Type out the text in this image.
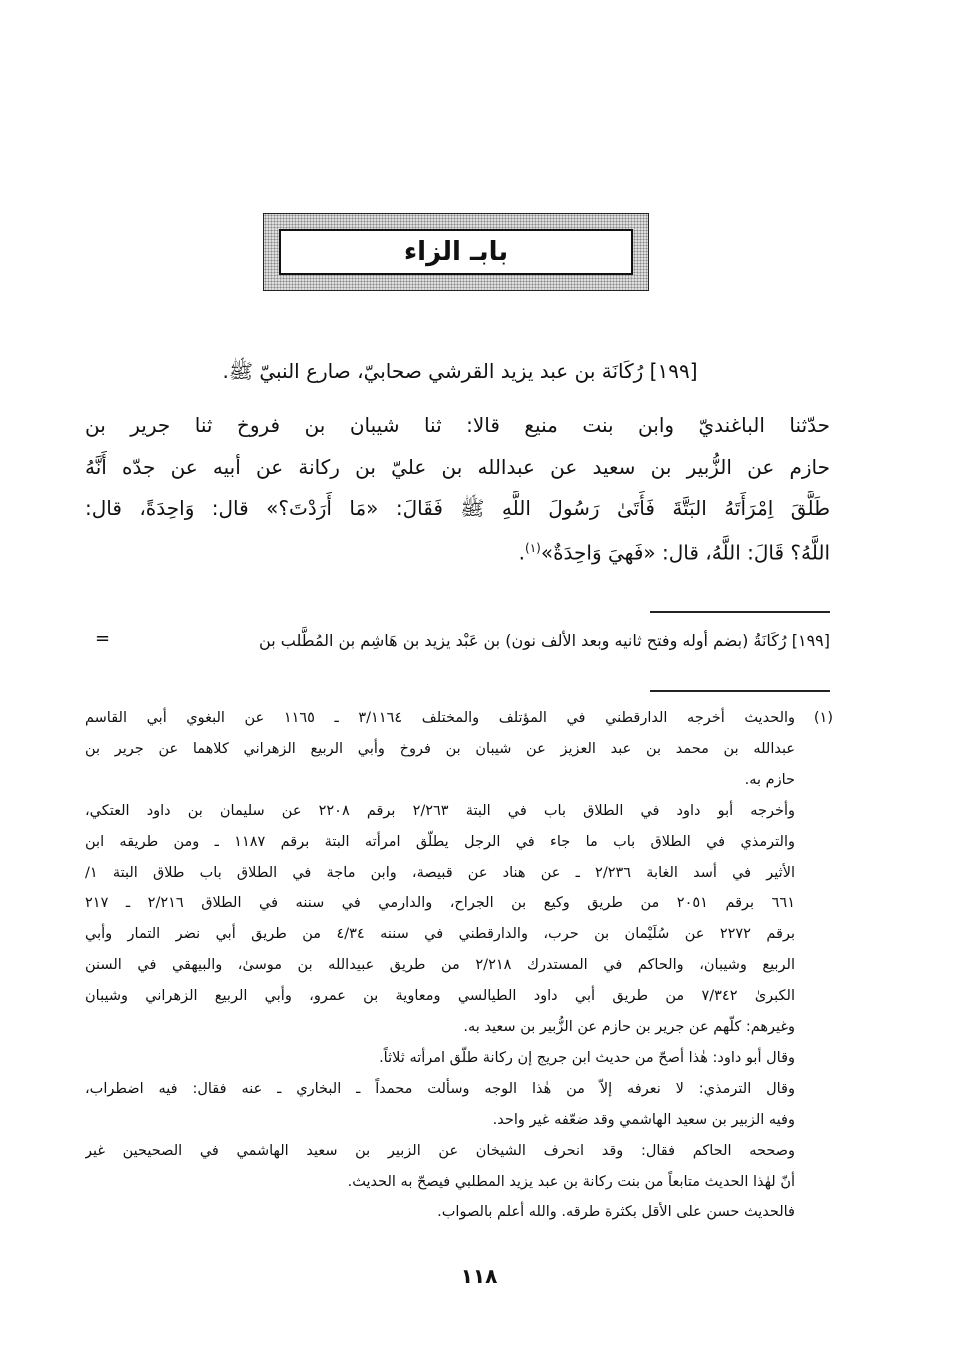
بابـ الزاء
[١٩٩] رُكَانَة بن عبد يزيد القرشي صحابيّ، صارع النبيّ ﷺ.
حدّثنا الباغنديّ وابن بنت منيع قالا: ثنا شيبان بن فروخ ثنا جرير بن
حازم عن الزُّبير بن سعيد عن عبدالله بن عليّ بن ركانة عن أبيه عن جدّه أَنَّهُ
طَلَّقَ اِمْرَأَتَهُ البَتَّةَ فَأَتَىٰ رَسُولَ اللَّهِ ﷺ فَقَالَ: «مَا أَرَدْتَ؟» قال: وَاحِدَةً، قال:
اللَّهُ؟ قَالَ: اللَّهُ، قال: «فَهِيَ وَاحِدَةٌ»$^{(١)}$.
[١٩٩] رُكَانَةُ (بضم أوله وفتح ثانيه وبعد الألف نون) بن عَبْد يزيد بن هَاشِم بن المُطَّلب بن
=
(١)
والحديث أخرجه الدارقطني في المؤتلف والمختلف ٣/١١٦٤ ـ ١١٦٥ عن البغوي أبي القاسم
عبدالله بن محمد بن عبد العزيز عن شيبان بن فروخ وأبي الربيع الزهراني كلاهما عن جرير بن
حازم به.
وأخرجه أبو داود في الطلاق باب في البتة ٢/٢٦٣ برقم ٢٢٠٨ عن سليمان بن داود العتكي،
والترمذي في الطلاق باب ما جاء في الرجل يطلّق امرأته البتة برقم ١١٨٧ ـ ومن طريقه ابن
الأثير في أسد الغابة ٢/٢٣٦ ـ عن هناد عن قبيصة، وابن ماجة في الطلاق باب طلاق البتة ١/
٦٦١ برقم ٢٠٥١ من طريق وكيع بن الجراح، والدارمي في سننه في الطلاق ٢/٢١٦ ـ ٢١٧
برقم ٢٢٧٢ عن سُلَيْمان بن حرب، والدارقطني في سننه ٤/٣٤ من طريق أبي نضر التمار وأبي
الربيع وشيبان، والحاكم في المستدرك ٢/٢١٨ من طريق عبيدالله بن موسىٰ، والبيهقي في السنن
الكبرىٰ ٧/٣٤٢ من طريق أبي داود الطيالسي ومعاوية بن عمرو، وأبي الربيع الزهراني وشيبان
وغيرهم: كلّهم عن جرير بن حازم عن الزُّبير بن سعيد به.
وقال أبو داود: هٰذا أصحّ من حديث ابن جريج إن ركانة طلّق امرأته ثلاثاً.
وقال الترمذي: لا نعرفه إلاّ من هٰذا الوجه وسألت محمداً ـ البخاري ـ عنه فقال: فيه اضطراب،
وفيه الزبير بن سعيد الهاشمي وقد ضعّفه غير واحد.
وصححه الحاكم فقال: وقد انحرف الشيخان عن الزبير بن سعيد الهاشمي في الصحيحين غير
أنّ لهٰذا الحديث متابعاً من بنت ركانة بن عبد يزيد المطلبي فيصحّ به الحديث.
فالحديث حسن على الأقل بكثرة طرقه. والله أعلم بالصواب.
١١٨
